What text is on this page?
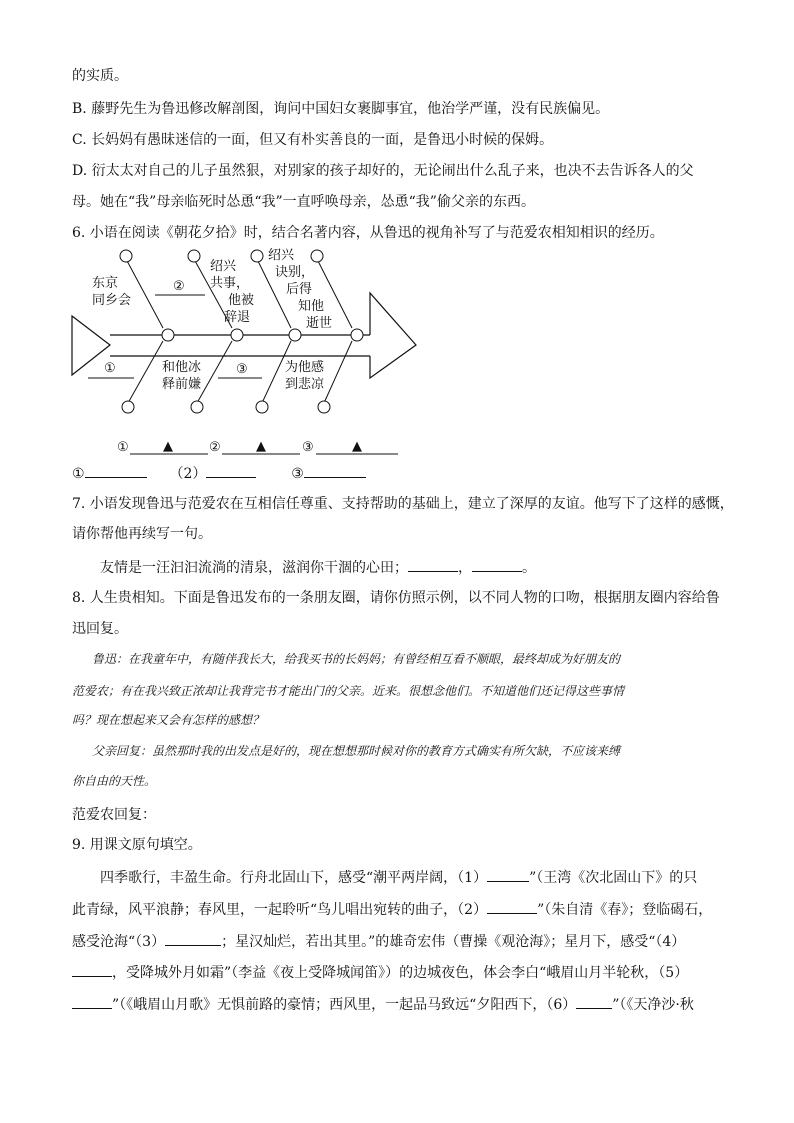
的实质。
B. 藤野先生为鲁迅修改解剖图，询问中国妇女裹脚事宜，他治学严谨，没有民族偏见。
C. 长妈妈有愚昧迷信的一面，但又有朴实善良的一面，是鲁迅小时候的保姆。
D. 衍太太对自己的儿子虽然狠，对别家的孩子却好的，无论闹出什么乱子来，也决不去告诉各人的父
母。她在“我”母亲临死时怂恿“我”一直呼唤母亲，怂恿“我”偷父亲的东西。
6. 小语在阅读《朝花夕拾》时，结合名著内容，从鲁迅的视角补写了与范爱农相知相识的经历。
东京同乡会
②
绍兴共事，他被辞退
绍兴诀别，后得知他逝世
①	和他冰释前嫌
③	为他感到悲凉
①	▲	②	▲	③	▲
①	（2）	③
7. 小语发现鲁迅与范爱农在互相信任尊重、支持帮助的基础上，建立了深厚的友谊。他写下了这样的感慨，
请你帮他再续写一句。
友情是一汪汩汩流淌的清泉，滋润你干涸的心田；	，	。
8. 人生贵相知。下面是鲁迅发布的一条朋友圈，请你仿照示例，以不同人物的口吻，根据朋友圈内容给鲁
迅回复。
鲁迅：在我童年中，有随伴我长大，给我买书的长妈妈；有曾经相互看不顺眼，最终却成为好朋友的
范爱农；有在我兴致正浓却让我背完书才能出门的父亲。近来。很想念他们。不知道他们还记得这些事情
吗？现在想起来又会有怎样的感想？
父亲回复：虽然那时我的出发点是好的，现在想想那时候对你的教育方式确实有所欠缺，不应该来缚
你自由的天性。
范爱农回复：
9. 用课文原句填空。
四季歌行，丰盈生命。行舟北固山下，感受“潮平两岸阔，（1）	”（王湾《次北固山下》的只
此青绿，风平浪静；春风里，一起聆听“鸟儿唱出宛转的曲子，（2）	”（朱自清《春》；登临碣石，
感受沧海“（3）	；星汉灿烂，若出其里。”的雄奇宏伟（曹操《观沧海》；星月下，感受“（4）
，受降城外月如霜”（李益《夜上受降城闻笛》）的边城夜色，体会李白“峨眉山月半轮秋，（5）
”（《峨眉山月歌》无惧前路的豪情；西风里，一起品马致远“夕阳西下，（6）	”（《天净沙·秋
